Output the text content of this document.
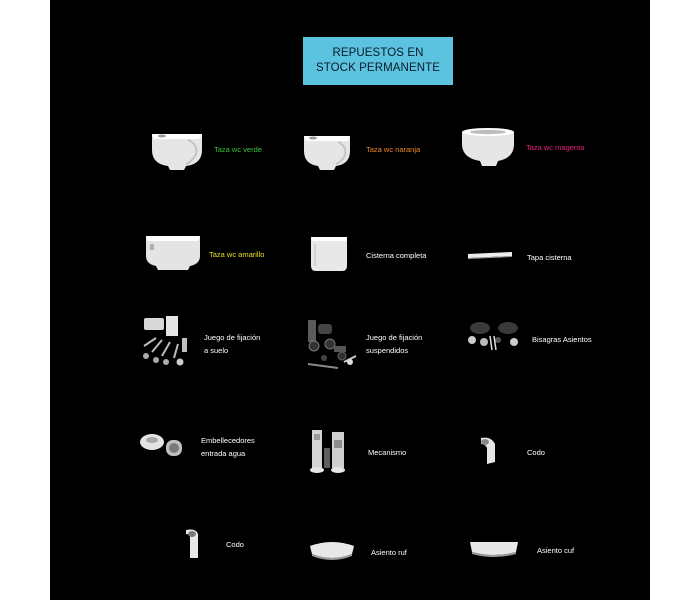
REPUESTOS EN
STOCK PERMANENTE
Taza wc verde	Taza wc naranja	Taza wc magenta
Taza wc amarillo	Cisterna completa	Tapa cisterna
Juego de fijación
a suelo
Juego de fijación
suspendidos
Bisagras Asientos
Embellecedores
entrada agua	Mecanismo	Codo
Codo
Asiento ruf	Asiento cuf
